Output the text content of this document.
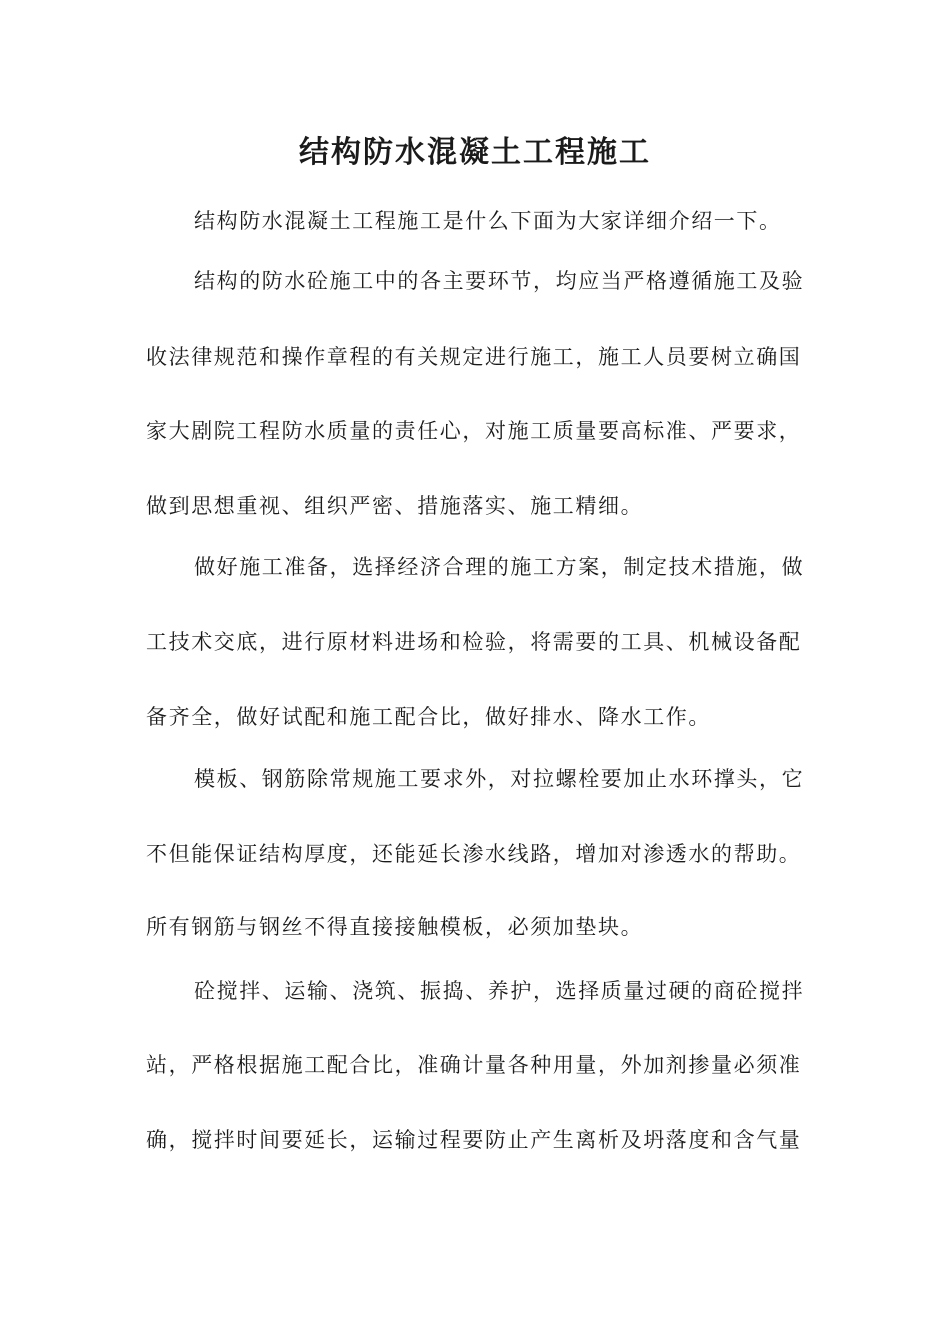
结构防水混凝土工程施工
结构防水混凝土工程施工是什么下面为大家详细介绍一下。
结构的防水砼施工中的各主要环节，均应当严格遵循施工及验
收法律规范和操作章程的有关规定进行施工，施工人员要树立确国
家大剧院工程防水质量的责任心，对施工质量要高标准、严要求，
做到思想重视、组织严密、措施落实、施工精细。
做好施工准备，选择经济合理的施工方案，制定技术措施，做
工技术交底，进行原材料进场和检验，将需要的工具、机械设备配
备齐全，做好试配和施工配合比，做好排水、降水工作。
模板、钢筋除常规施工要求外，对拉螺栓要加止水环撑头，它
不但能保证结构厚度，还能延长渗水线路，增加对渗透水的帮助。
所有钢筋与钢丝不得直接接触模板，必须加垫块。
砼搅拌、运输、浇筑、振捣、养护，选择质量过硬的商砼搅拌
站，严格根据施工配合比，准确计量各种用量，外加剂掺量必须准
确，搅拌时间要延长，运输过程要防止产生离析及坍落度和含气量
